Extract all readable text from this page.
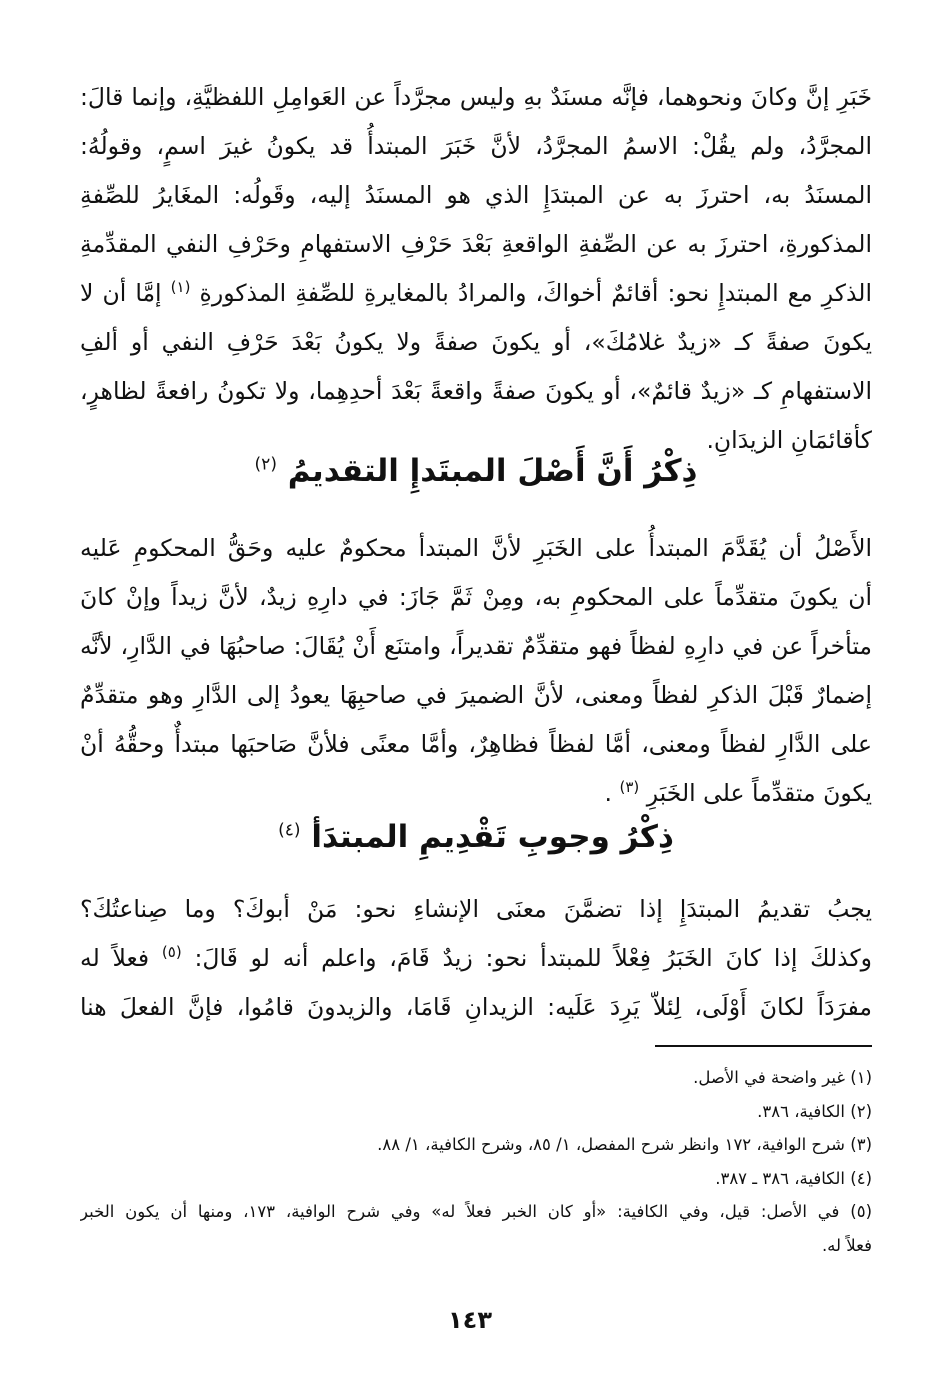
خَبَرِ إنَّ وكانَ ونحوهما، فإنَّه مسنَدٌ بهِ وليس مجرَّداً عن العَوامِلِ اللفظيَّةِ، وإنما قالَ:
المجرَّدُ، ولم يقُلْ: الاسمُ المجرَّدُ، لأنَّ خَبَرَ المبتدأُ قد يكونُ غيرَ اسمٍ، وقولُهُ:
المسنَدُ به، احترزَ به عن المبتدَإِ الذي هو المسنَدُ إليه، وقَولُه: المغَايرُ للصِّفةِ
المذكورةِ، احترزَ به عن الصِّفةِ الواقعةِ بَعْدَ حَرْفِ الاستفهامِ وحَرْفِ النفي المقدِّمةِ
الذكرِ مع المبتدإِ نحو: أقائمٌ أخواكَ، والمرادُ بالمغايرةِ للصِّفةِ المذكورةِ $^{(١)}$ إمَّا أن لا
يكونَ صفةً كـ «زيدٌ غلامُكَ»، أو يكونَ صفةً ولا يكونُ بَعْدَ حَرْفِ النفي أو ألفِ
الاستفهامِ كـ «زيدٌ قائمٌ»، أو يكونَ صفةً واقعةً بَعْدَ أحدِهِما، ولا تكونُ رافعةً لظاهرٍ،
كأقائمَانِ الزيدَانِ.
ذِكْرُ أَنَّ أَصْلَ المبتَدإِ التقديمُ $^{(٢)}$
الأَصْلُ أن يُقَدَّمَ المبتدأُ على الخَبَرِ لأنَّ المبتدأ محكومٌ عليه وحَقُّ المحكومِ عَليه
أن يكونَ متقدِّماً على المحكومِ به، ومِنْ ثَمَّ جَازَ: في دارِهِ زيدٌ، لأنَّ زيداً وإنْ كانَ
متأخراً عن في دارِهِ لفظاً فهو متقدِّمٌ تقديراً، وامتنَع أَنْ يُقَالَ: صاحبُهَا في الدَّارِ، لأنَّه
إضمارٌ قَبْلَ الذكرِ لفظاً ومعنى، لأنَّ الضميرَ في صاحبِهَا يعودُ إلى الدَّارِ وهو متقدِّمٌ
على الدَّارِ لفظاً ومعنى، أمَّا لفظاً فظاهِرٌ، وأمَّا معنًى فلأنَّ صَاحبَها مبتدأٌ وحقُّهُ أنْ
يكونَ متقدِّماً على الخَبَرِ $^{(٣)}$ .
ذِكْرُ وجوبِ تَقْدِيمِ المبتدَأ $^{(٤)}$
يجبُ تقديمُ المبتدَإِ إذا تضمَّنَ معنَى الإنشاءِ نحو: مَنْ أبوكَ؟ وما صِناعتُكَ؟
وكذلكَ إذا كانَ الخَبَرُ فِعْلاً للمبتدأ نحو: زيدٌ قَامَ، واعلم أنه لو قَالَ: $^{(٥)}$ فعلاً له
مفرَدَاً لكانَ أَوْلَى، لِئلاّ يَرِدَ عَلَيه: الزيدانِ قَامَا، والزيدونَ قامُوا، فإنَّ الفعلَ هنا
(١) غير واضحة في الأصل.
(٢) الكافية، ٣٨٦.
(٣) شرح الوافية، ١٧٢ وانظر شرح المفصل، ١/ ٨٥، وشرح الكافية، ١/ ٨٨.
(٤) الكافية، ٣٨٦ ـ ٣٨٧.
(٥) في الأصل: قيل، وفي الكافية: «أو كان الخبر فعلاً له» وفي شرح الوافية، ١٧٣، ومنها أن يكون الخبر
فعلاً له.
١٤٣
